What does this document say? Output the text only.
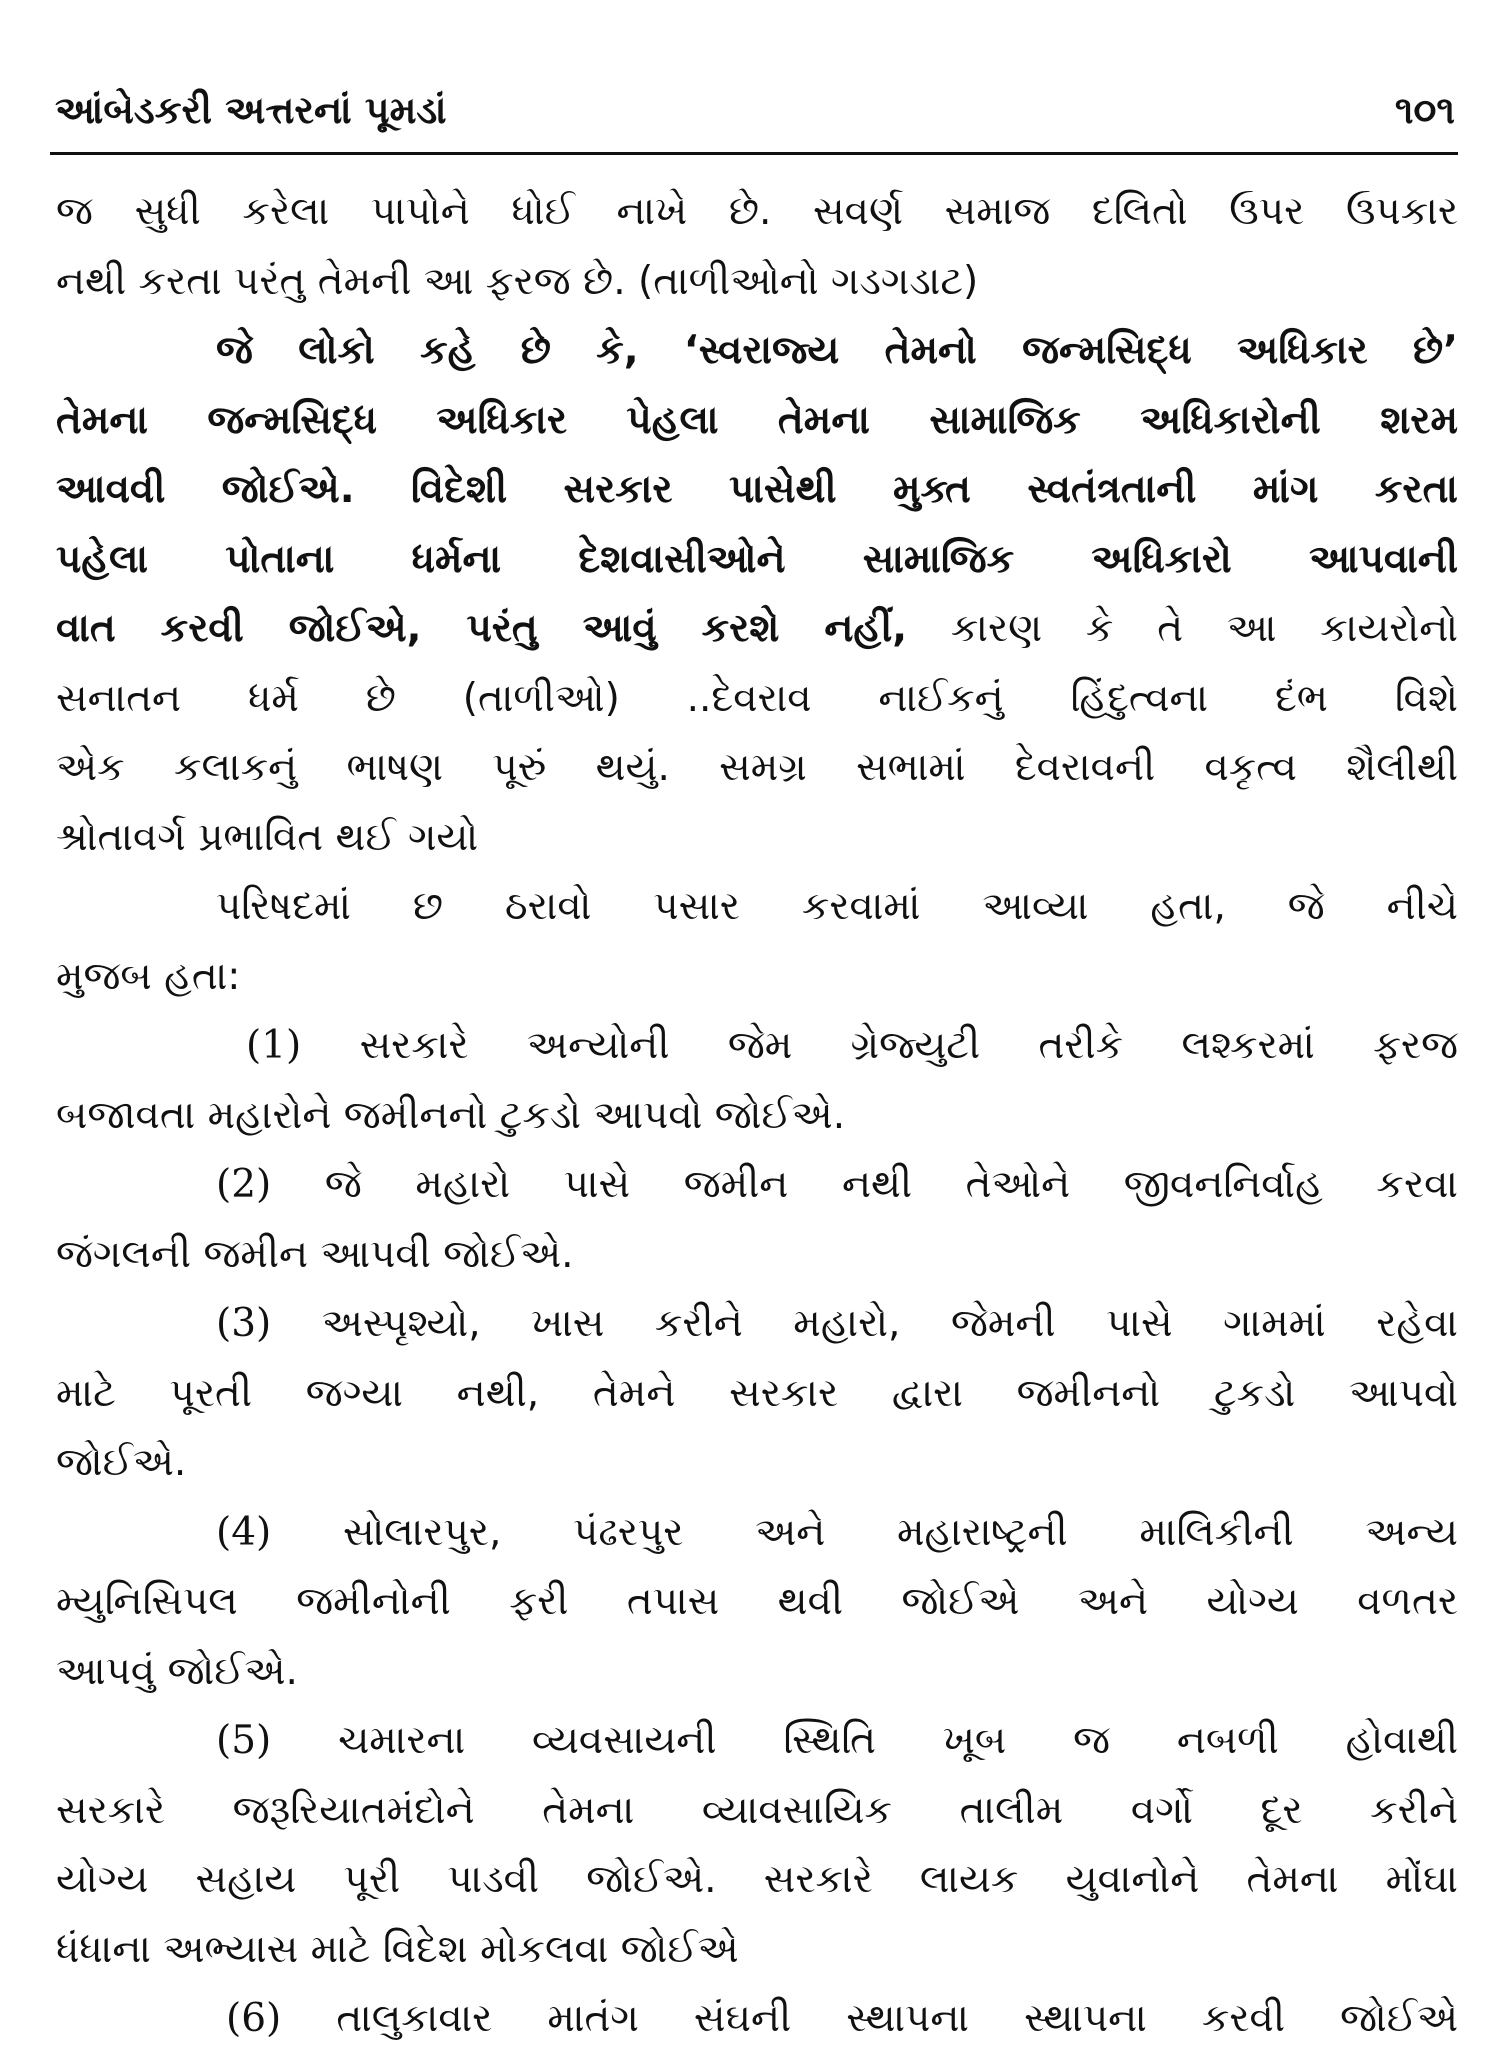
આંબેડકરી અત્તરનાં પૂમડાં	૧૦૧
જ સુધી કરેલા પાપોને ધોઈ નાખે છે. સવર્ણ સમાજ દલિતો ઉપર ઉપકાર
નથી કરતા પરંતુ તેમની આ ફરજ છે. (તાળીઓનો ગડગડાટ)
જે લોકો કહે છે કે, ‘સ્વરાજ્ય તેમનો જન્મસિદ્ધ અધિકાર છે’
તેમના જન્મસિદ્ધ અધિકાર પેહલા તેમના સામાજિક અધિકારોની શરમ
આવવી જોઈએ. વિદેશી સરકાર પાસેથી મુક્ત સ્વતંત્રતાની માંગ કરતા
પહેલા પોતાના ધર્મના દેશવાસીઓને સામાજિક અધિકારો આપવાની
વાત કરવી જોઈએ, પરંતુ આવું કરશે નહીં, કારણ કે તે આ કાયરોનો
સનાતન ધર્મ છે (તાળીઓ) ..દેવરાવ નાઈકનું હિંદુત્વના દંભ વિશે
એક કલાકનું ભાષણ પૂરું થયું. સમગ્ર સભામાં દેવરાવની વકૃત્વ શૈલીથી
શ્રોતાવર્ગ પ્રભાવિત થઈ ગયો
પરિષદમાં છ ઠરાવો પસાર કરવામાં આવ્યા હતા, જે નીચે
મુજબ હતા:
(1) સરકારે અન્યોની જેમ ગ્રેજ્યુટી તરીકે લશ્કરમાં ફરજ
બજાવતા મહારોને જમીનનો ટુકડો આપવો જોઈએ.
(2) જે મહારો પાસે જમીન નથી તેઓને જીવનનિર્વાહ કરવા
જંગલની જમીન આપવી જોઈએ.
(3) અસ્પૃશ્યો, ખાસ કરીને મહારો, જેમની પાસે ગામમાં રહેવા
માટે પૂરતી જગ્યા નથી, તેમને સરકાર દ્વારા જમીનનો ટુકડો આપવો
જોઈએ.
(4) સોલારપુર, પંઢરપુર અને મહારાષ્ટ્રની માલિકીની અન્ય
મ્યુનિસિપલ જમીનોની ફરી તપાસ થવી જોઈએ અને યોગ્ય વળતર
આપવું જોઈએ.
(5) ચમારના વ્યવસાયની સ્થિતિ ખૂબ જ નબળી હોવાથી
સરકારે જરૂરિયાતમંદોને તેમના વ્યાવસાયિક તાલીમ વર્ગો દૂર કરીને
યોગ્ય સહાય પૂરી પાડવી જોઈએ. સરકારે લાયક યુવાનોને તેમના મોંઘા
ધંધાના અભ્યાસ માટે વિદેશ મોકલવા જોઈએ
(6) તાલુકાવાર માતંગ સંઘની સ્થાપના સ્થાપના કરવી જોઈએ
